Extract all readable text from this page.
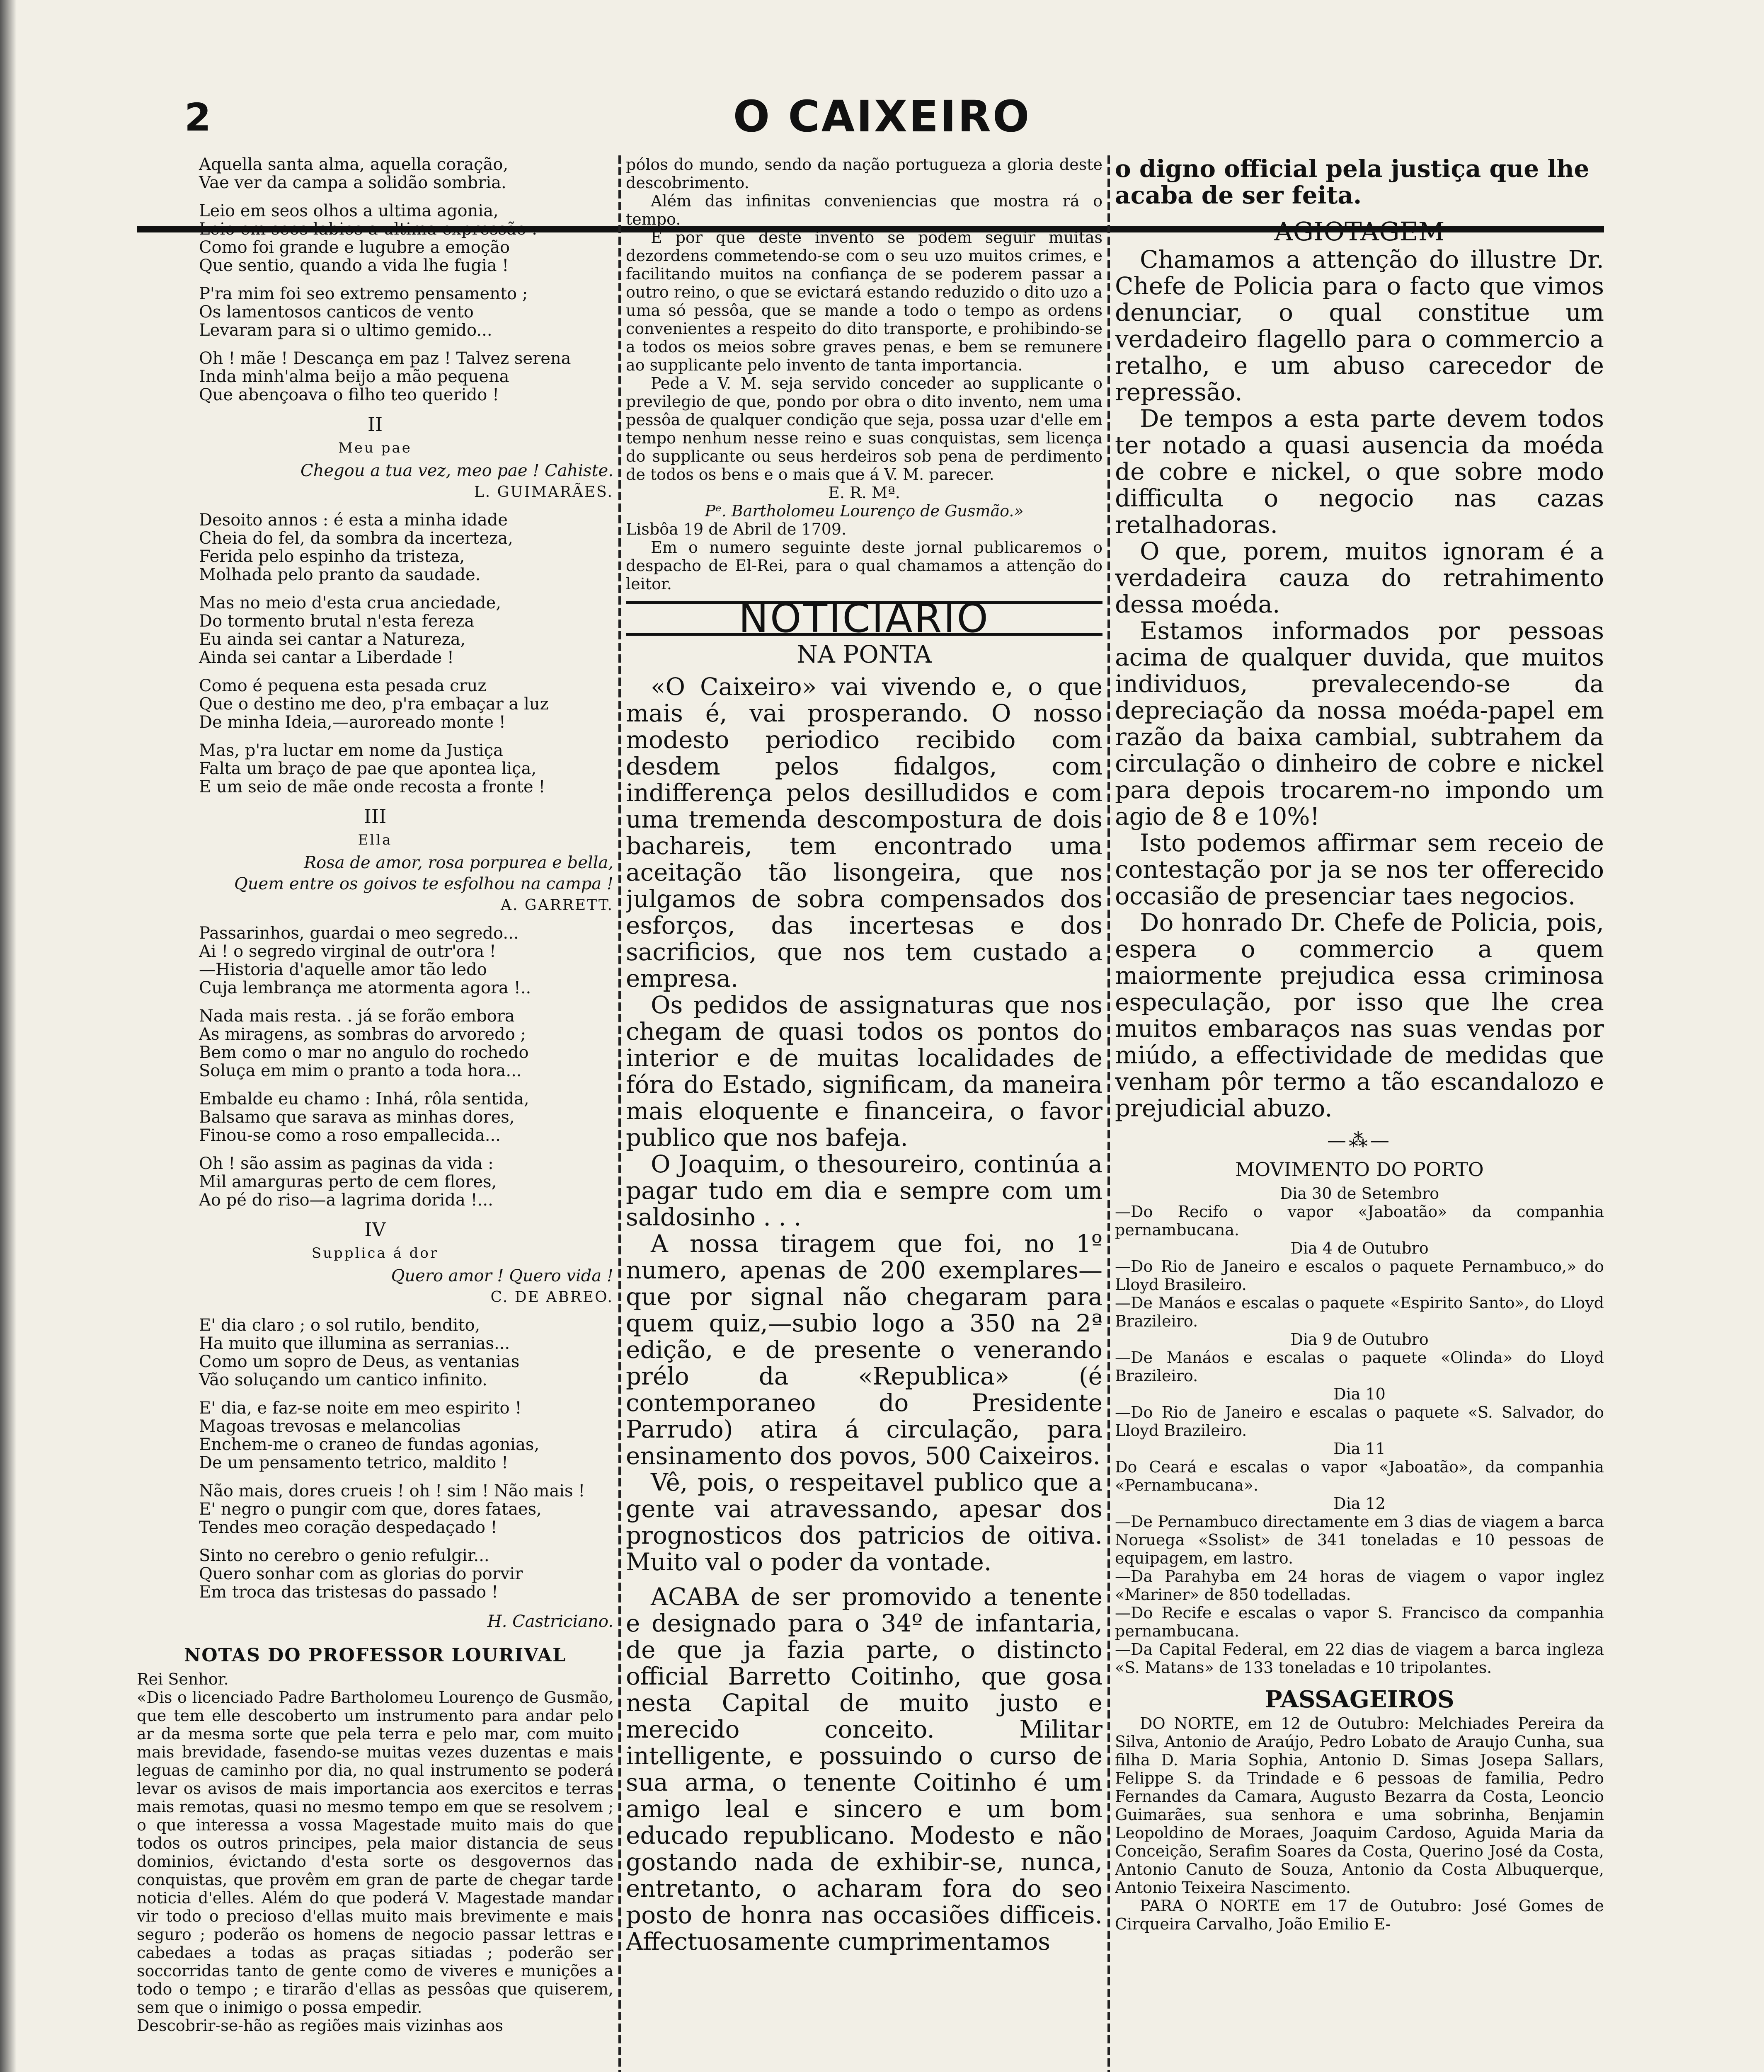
2	O CAIXEIRO

Aquella santa alma, aquella coração,
Vae ver da campa a solidão sombria.

Leio em seos olhos a ultima agonia,
Leio em seos labios a ultima expressão :
Como foi grande e lugubre a emoção
Que sentio, quando a vida lhe fugia !

P'ra mim foi seo extremo pensamento ;
Os lamentosos canticos de vento
Levaram para si o ultimo gemido...

Oh ! mãe ! Descança em paz ! Talvez serena
Inda minh'alma beijo a mão pequena
Que abençoava o filho teo querido !

II
Meu pae
Chegou a tua vez, meo pae ! Cahiste.
L. GUIMARÃES.

Desoito annos : é esta a minha idade
Cheia do fel, da sombra da incerteza,
Ferida pelo espinho da tristeza,
Molhada pelo pranto da saudade.

Mas no meio d'esta crua anciedade,
Do tormento brutal n'esta fereza
Eu ainda sei cantar a Natureza,
Ainda sei cantar a Liberdade !

Como é pequena esta pesada cruz
Que o destino me deo, p'ra embaçar a luz
De minha Ideia,—auroreado monte !

Mas, p'ra luctar em nome da Justiça
Falta um braço de pae que apontea liça,
E um seio de mãe onde recosta a fronte !

III
Ella
Rosa de amor, rosa porpurea e bella,
Quem entre os goivos te esfolhou na campa !
A. GARRETT.

Passarinhos, guardai o meo segredo...
Ai ! o segredo virginal de outr'ora !
—Historia d'aquelle amor tão ledo
Cuja lembrança me atormenta agora !..

Nada mais resta. . já se forão embora
As miragens, as sombras do arvoredo ;
Bem como o mar no angulo do rochedo
Soluça em mim o pranto a toda hora...

Embalde eu chamo : Inhá, rôla sentida,
Balsamo que sarava as minhas dores,
Finou-se como a roso empallecida...

Oh ! são assim as paginas da vida :
Mil amarguras perto de cem flores,
Ao pé do riso—a lagrima dorida !...

IV
Supplica á dor
Quero amor ! Quero vida !
C. DE ABREO.

E' dia claro ; o sol rutilo, bendito,
Ha muito que illumina as serranias...
Como um sopro de Deus, as ventanias
Vão soluçando um cantico infinito.

E' dia, e faz-se noite em meo espirito !
Magoas trevosas e melancolias
Enchem-me o craneo de fundas agonias,
De um pensamento tetrico, maldito !

Não mais, dores crueis ! oh ! sim ! Não mais !
E' negro o pungir com que, dores fataes,
Tendes meo coração despedaçado !

Sinto no cerebro o genio refulgir...
Quero sonhar com as glorias do porvir
Em troca das tristesas do passado !

H. Castriciano.
NOTAS DO PROFESSOR LOURIVAL
Rei Senhor.
«Dis o licenciado Padre Bartholomeu Lourenço de Gusmão, que tem elle descoberto um instrumento para andar pelo ar da mesma sorte que pela terra e pelo mar, com muito mais brevidade, fasendo-se muitas vezes duzentas e mais leguas de caminho por dia, no qual instrumento se poderá levar os avisos de mais importancia aos exercitos e terras mais remotas, quasi no mesmo tempo em que se resolvem ; o que interessa a vossa Magestade muito mais do que todos os outros principes, pela maior distancia de seus dominios, évictando d'esta sorte os desgovernos das conquistas, que provêm em gran de parte de chegar tarde noticia d'elles. Além do que poderá V. Magestade mandar vir todo o precioso d'ellas muito mais brevimente e mais seguro ; poderão os homens de negocio passar lettras e cabedaes a todas as praças sitiadas ; poderão ser soccorridas tanto de gente como de viveres e munições a todo o tempo ; e tirarão d'ellas as pessôas que quiserem, sem que o inimigo o possa empedir.
Descobrir-se-hão as regiões mais vizinhas aos
pólos do mundo, sendo da nação portugueza a gloria deste descobrimento.
Além das infinitas conveniencias que mostra rá o tempo.
E por que deste invento se podem seguir muitas dezordens commetendo-se com o seu uzo muitos crimes, e facilitando muitos na confiança de se poderem passar a outro reino, o que se evictará estando reduzido o dito uzo a uma só pessôa, que se mande a todo o tempo as ordens convenientes a respeito do dito transporte, e prohibindo-se a todos os meios sobre graves penas, e bem se remunere ao supplicante pelo invento de tanta importancia.
Pede a V. M. seja servido conceder ao supplicante o previlegio de que, pondo por obra o dito invento, nem uma pessôa de qualquer condição que seja, possa uzar d'elle em tempo nenhum nesse reino e suas conquistas, sem licença do supplicante ou seus herdeiros sob pena de perdimento de todos os bens e o mais que á V. M. parecer.
E. R. Mª.
Pᵉ. Bartholomeu Lourenço de Gusmão.»
Lisbôa 19 de Abril de 1709.
Em o numero seguinte deste jornal publicaremos o despacho de El-Rei, para o qual chamamos a attenção do leitor.
NOTICIARIO
NA PONTA
«O Caixeiro» vai vivendo e, o que mais é, vai prosperando. O nosso modesto periodico recibido com desdem pelos fidalgos, com indifferença pelos desilludidos e com uma tremenda descompostura de dois bachareis, tem encontrado uma aceitação tão lisongeira, que nos julgamos de sobra compensados dos esforços, das incertesas e dos sacrificios, que nos tem custado a empresa.
Os pedidos de assignaturas que nos chegam de quasi todos os pontos do interior e de muitas localidades de fóra do Estado, significam, da maneira mais eloquente e financeira, o favor publico que nos bafeja.
O Joaquim, o thesoureiro, continúa a pagar tudo em dia e sempre com um saldosinho . . .
A nossa tiragem que foi, no 1º numero, apenas de 200 exemplares—que por signal não chegaram para quem quiz,—subio logo a 350 na 2ª edição, e de presente o venerando prélo da «Republica» (é contemporaneo do Presidente Parrudo) atira á circulação, para ensinamento dos povos, 500 Caixeiros.
Vê, pois, o respeitavel publico que a gente vai atravessando, apesar dos prognosticos dos patricios de oitiva. Muito val o poder da vontade.
ACABA de ser promovido a tenente e designado para o 34º de infantaria, de que ja fazia parte, o distincto official Barretto Coitinho, que gosa nesta Capital de muito justo e merecido conceito. Militar intelligente, e possuindo o curso de sua arma, o tenente Coitinho é um amigo leal e sincero e um bom educado republicano. Modesto e não gostando nada de exhibir-se, nunca, entretanto, o acharam fora do seo posto de honra nas occasiões difficeis. Affectuosamente cumprimentamos
o digno official pela justiça que lhe acaba de ser feita.
AGIOTAGEM
Chamamos a attenção do illustre Dr. Chefe de Policia para o facto que vimos denunciar, o qual constitue um verdadeiro flagello para o commercio a retalho, e um abuso carecedor de repressão.
De tempos a esta parte devem todos ter notado a quasi ausencia da moéda de cobre e nickel, o que sobre modo difficulta o negocio nas cazas retalhadoras.
O que, porem, muitos ignoram é a verdadeira cauza do retrahimento dessa moéda.
Estamos informados por pessoas acima de qualquer duvida, que muitos individuos, prevalecendo-se da depreciação da nossa moéda-papel em razão da baixa cambial, subtrahem da circulação o dinheiro de cobre e nickel para depois trocarem-no impondo um agio de 8 e 10%!
Isto podemos affirmar sem receio de contestação por ja se nos ter offerecido occasião de presenciar taes negocios.
Do honrado Dr. Chefe de Policia, pois, espera o commercio a quem maiormente prejudica essa criminosa especulação, por isso que lhe crea muitos embaraços nas suas vendas por miúdo, a effectividade de medidas que venham pôr termo a tão escandalozo e prejudicial abuzo.
—⁂—
MOVIMENTO DO PORTO
Dia 30 de Setembro
—Do Recifo o vapor «Jaboatão» da companhia pernambucana.
Dia 4 de Outubro
—Do Rio de Janeiro e escalos o paquete Pernambuco,» do Lloyd Brasileiro.
—De Manáos e escalas o paquete «Espirito Santo», do Lloyd Brazileiro.
Dia 9 de Outubro
—De Manáos e escalas o paquete «Olinda» do Lloyd Brazileiro.
Dia 10
—Do Rio de Janeiro e escalas o paquete «S. Salvador, do Lloyd Brazileiro.
Dia 11
Do Ceará e escalas o vapor «Jaboatão», da companhia «Pernambucana».
Dia 12
—De Pernambuco directamente em 3 dias de viagem a barca Noruega «Ssolist» de 341 toneladas e 10 pessoas de equipagem, em lastro.
—Da Parahyba em 24 horas de viagem o vapor inglez «Mariner» de 850 todelladas.
—Do Recife e escalas o vapor S. Francisco da companhia pernambucana.
—Da Capital Federal, em 22 dias de viagem a barca ingleza «S. Matans» de 133 toneladas e 10 tripolantes.
PASSAGEIROS
DO NORTE, em 12 de Outubro: Melchiades Pereira da Silva, Antonio de Araújo, Pedro Lobato de Araujo Cunha, sua filha D. Maria Sophia, Antonio D. Simas Josepa Sallars, Felippe S. da Trindade e 6 pessoas de familia, Pedro Fernandes da Camara, Augusto Bezarra da Costa, Leoncio Guimarães, sua senhora e uma sobrinha, Benjamin Leopoldino de Moraes, Joaquim Cardoso, Aguida Maria da Conceição, Serafim Soares da Costa, Querino José da Costa, Antonio Canuto de Souza, Antonio da Costa Albuquerque, Antonio Teixeira Nascimento.
PARA O NORTE em 17 de Outubro: José Gomes de Cirqueira Carvalho, João Emilio E-
